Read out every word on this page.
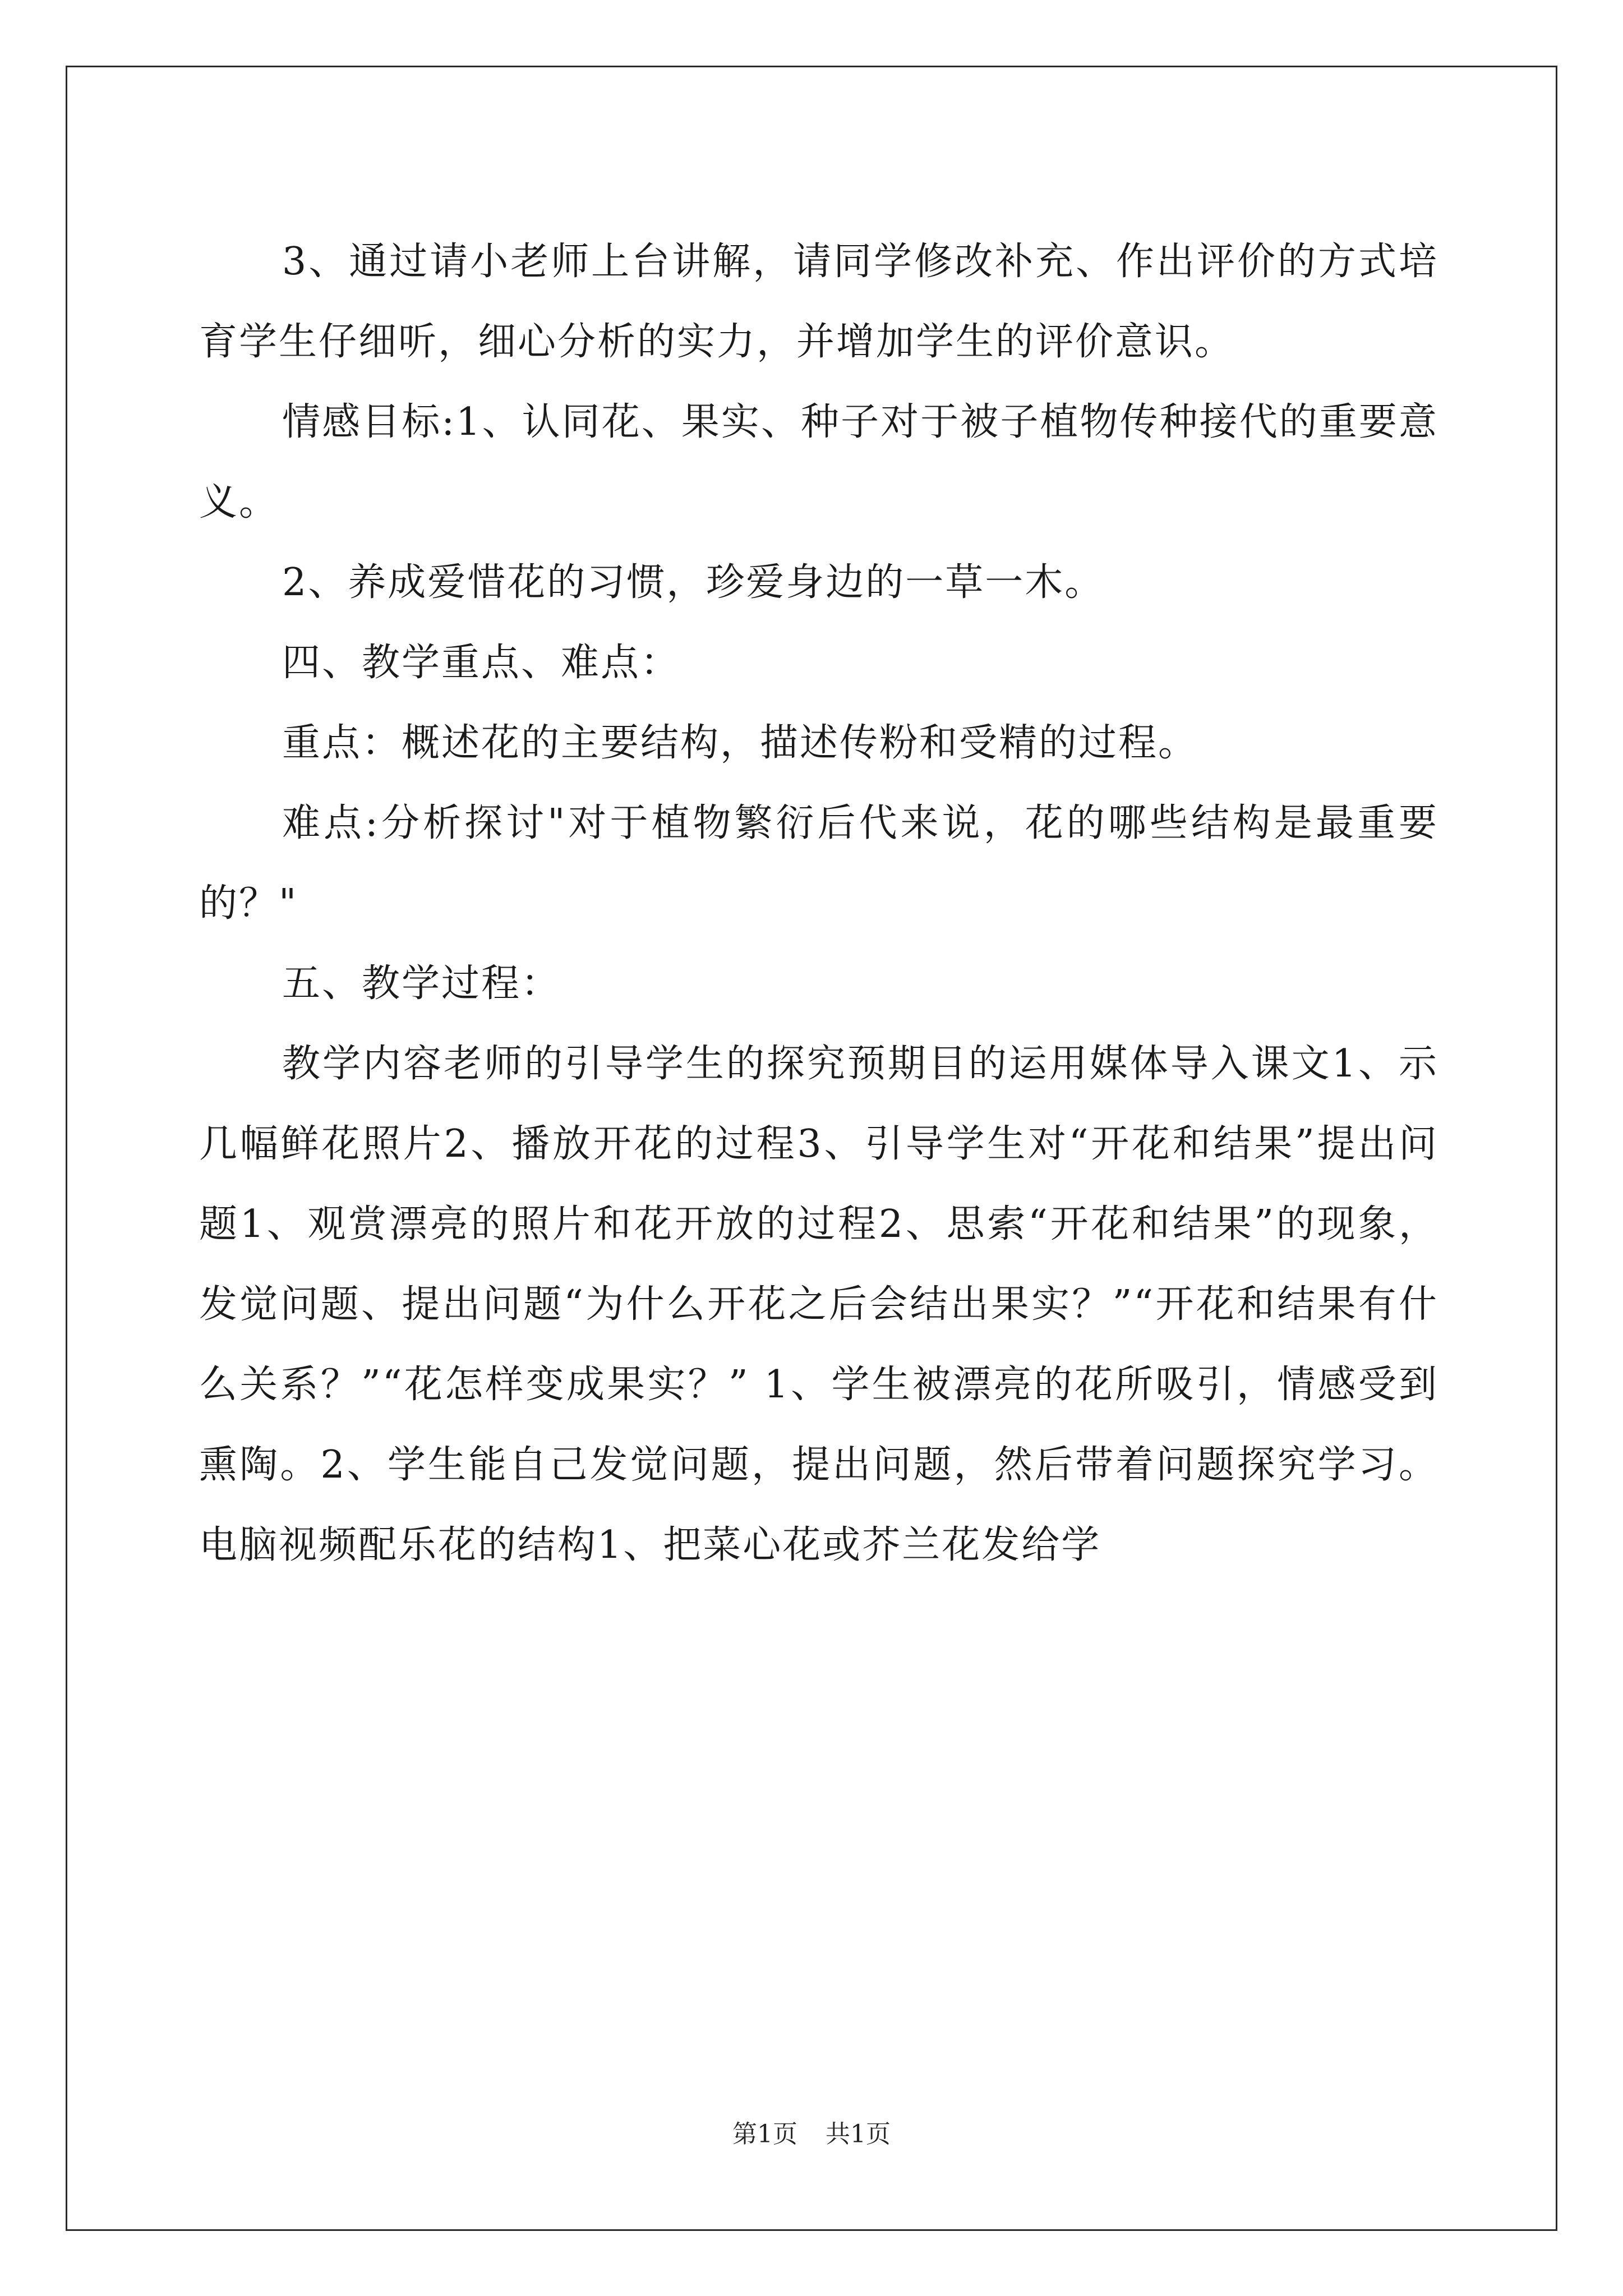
3、通过请小老师上台讲解，请同学修改补充、作出评价的方式培育学生仔细听，细心分析的实力，并增加学生的评价意识。

情感目标:1、认同花、果实、种子对于被子植物传种接代的重要意义。

2、养成爱惜花的习惯，珍爱身边的一草一木。

四、教学重点、难点：

重点：概述花的主要结构，描述传粉和受精的过程。

难点:分析探讨"对于植物繁衍后代来说，花的哪些结构是最重要的？"

五、教学过程：

教学内容老师的引导学生的探究预期目的运用媒体导入课文1、示几幅鲜花照片2、播放开花的过程3、引导学生对“开花和结果”提出问题1、观赏漂亮的照片和花开放的过程2、思索“开花和结果”的现象，发觉问题、提出问题“为什么开花之后会结出果实？”“开花和结果有什么关系？”“花怎样变成果实？” 1、学生被漂亮的花所吸引，情感受到熏陶。2、学生能自己发觉问题，提出问题，然后带着问题探究学习。电脑视频配乐花的结构1、把菜心花或芥兰花发给学

第1页 共1页
